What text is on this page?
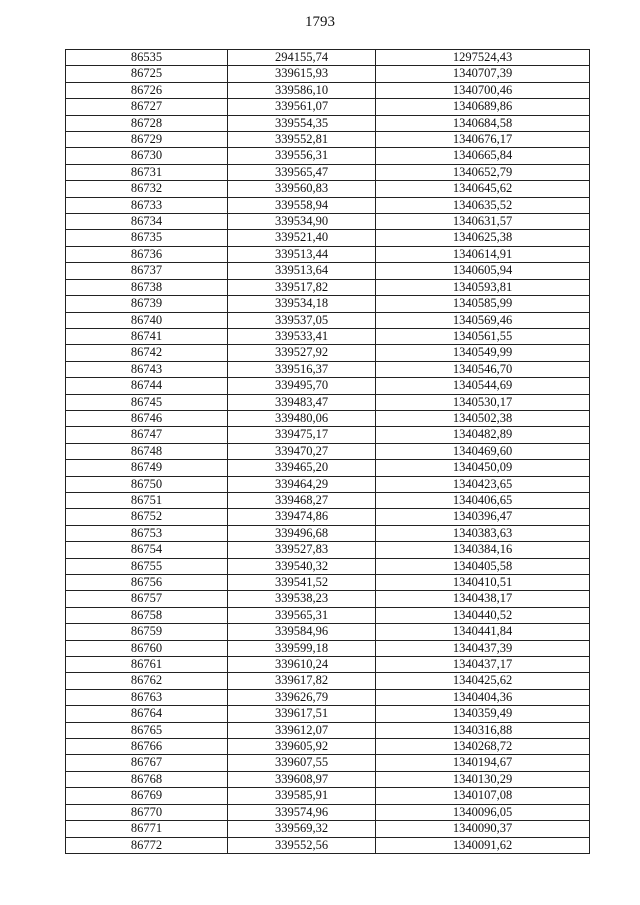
1793
86535	294155,74	1297524,43
86725	339615,93	1340707,39
86726	339586,10	1340700,46
86727	339561,07	1340689,86
86728	339554,35	1340684,58
86729	339552,81	1340676,17
86730	339556,31	1340665,84
86731	339565,47	1340652,79
86732	339560,83	1340645,62
86733	339558,94	1340635,52
86734	339534,90	1340631,57
86735	339521,40	1340625,38
86736	339513,44	1340614,91
86737	339513,64	1340605,94
86738	339517,82	1340593,81
86739	339534,18	1340585,99
86740	339537,05	1340569,46
86741	339533,41	1340561,55
86742	339527,92	1340549,99
86743	339516,37	1340546,70
86744	339495,70	1340544,69
86745	339483,47	1340530,17
86746	339480,06	1340502,38
86747	339475,17	1340482,89
86748	339470,27	1340469,60
86749	339465,20	1340450,09
86750	339464,29	1340423,65
86751	339468,27	1340406,65
86752	339474,86	1340396,47
86753	339496,68	1340383,63
86754	339527,83	1340384,16
86755	339540,32	1340405,58
86756	339541,52	1340410,51
86757	339538,23	1340438,17
86758	339565,31	1340440,52
86759	339584,96	1340441,84
86760	339599,18	1340437,39
86761	339610,24	1340437,17
86762	339617,82	1340425,62
86763	339626,79	1340404,36
86764	339617,51	1340359,49
86765	339612,07	1340316,88
86766	339605,92	1340268,72
86767	339607,55	1340194,67
86768	339608,97	1340130,29
86769	339585,91	1340107,08
86770	339574,96	1340096,05
86771	339569,32	1340090,37
86772	339552,56	1340091,62
